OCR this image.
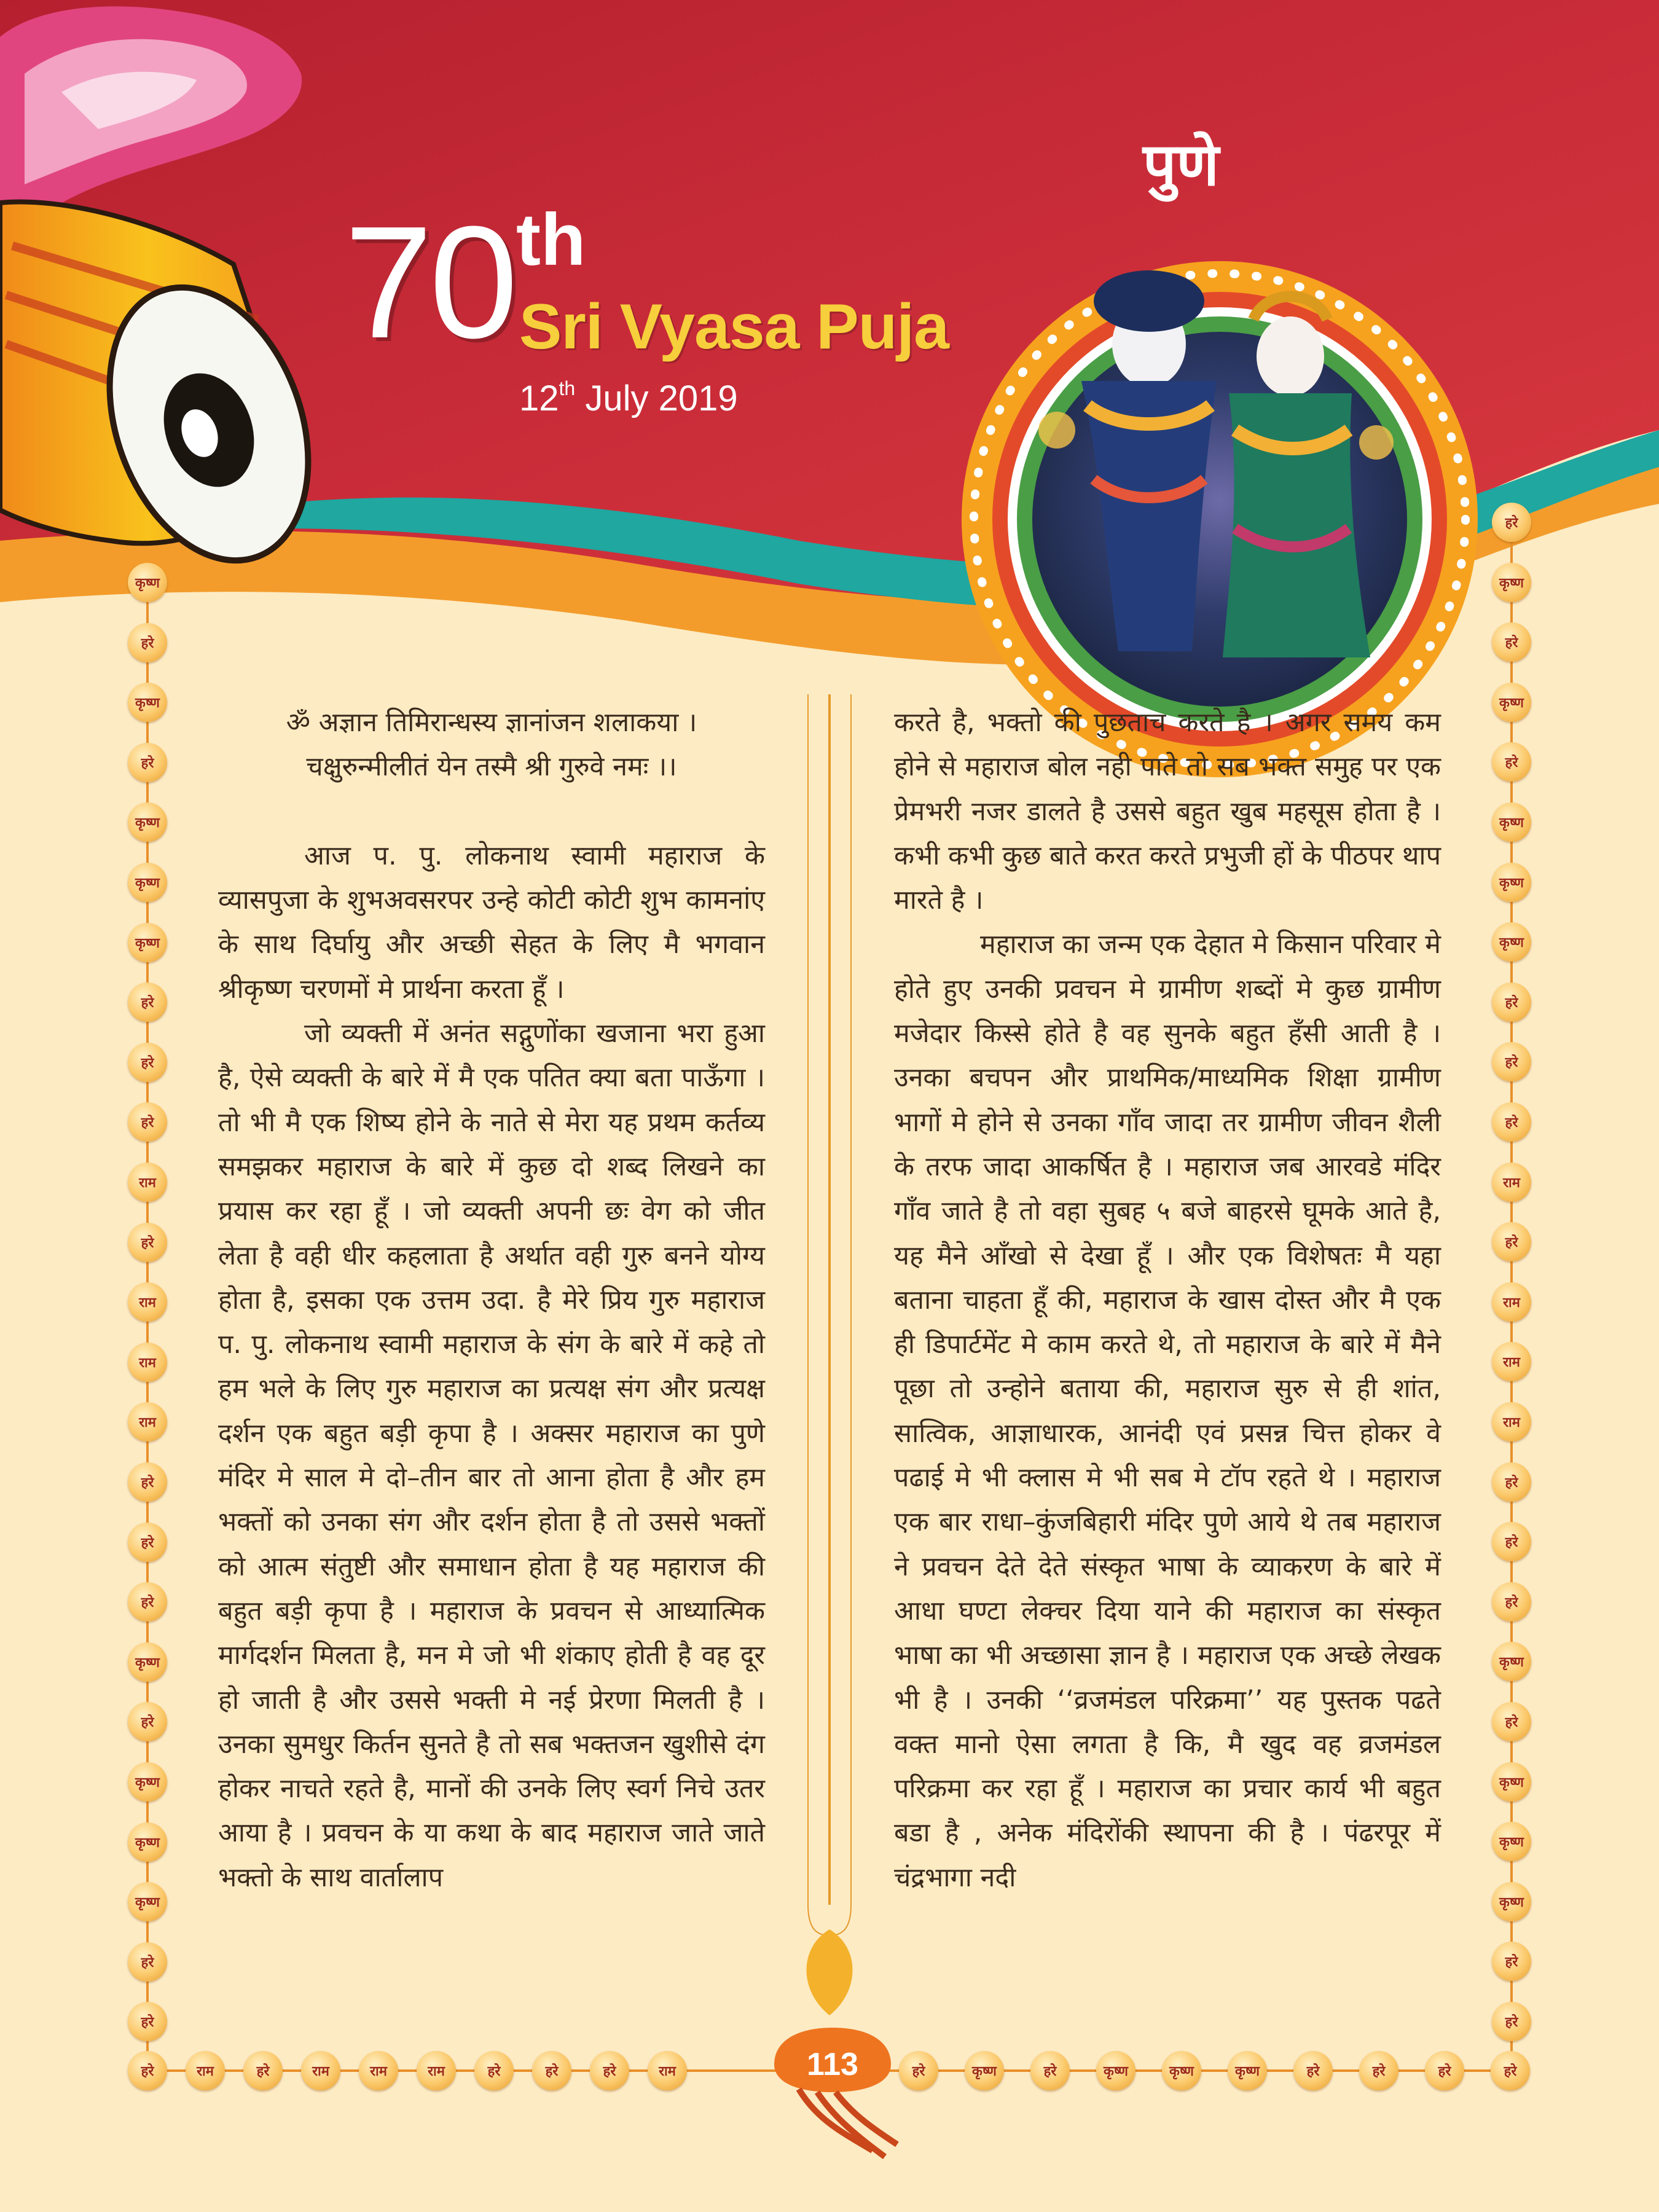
70 th
Sri Vyasa Puja
12th July 2019
पुणे

ॐ अज्ञान तिमिरान्धस्य ज्ञानांजन शलाकया ।

चक्षुरुन्मीलीतं येन तस्मै श्री गुरुवे नमः ।।

आज प. पु. लोकनाथ स्वामी महाराज के व्यासपुजा के शुभअवसरपर उन्हे कोटी कोटी शुभ कामनांए के साथ दिर्घायु और अच्छी सेहत के लिए मै भगवान श्रीकृष्ण चरणमों मे प्रार्थना करता हूँ ।

जो व्यक्ती में अनंत सद्गुणोंका खजाना भरा हुआ है, ऐसे व्यक्ती के बारे में मै एक पतित क्या बता पाऊँगा । तो भी मै एक शिष्य होने के नाते से मेरा यह प्रथम कर्तव्य समझकर महाराज के बारे में कुछ दो शब्द लिखने का प्रयास कर रहा हूँ । जो व्यक्ती अपनी छः वेग को जीत लेता है वही धीर कहलाता है अर्थात वही गुरु बनने योग्य होता है, इसका एक उत्तम उदा. है मेरे प्रिय गुरु महाराज प. पु. लोकनाथ स्वामी महाराज के संग के बारे में कहे तो हम भले के लिए गुरु महाराज का प्रत्यक्ष संग और प्रत्यक्ष दर्शन एक बहुत बड़ी कृपा है । अक्सर महाराज का पुणे मंदिर मे साल मे दो–तीन बार तो आना होता है और हम भक्तों को उनका संग और दर्शन होता है तो उससे भक्तों को आत्म संतुष्टी और समाधान होता है यह महाराज की बहुत बड़ी कृपा है । महाराज के प्रवचन से आध्यात्मिक मार्गदर्शन मिलता है, मन मे जो भी शंकाए होती है वह दूर हो जाती है और उससे भक्ती मे नई प्रेरणा मिलती है । उनका सुमधुर किर्तन सुनते है तो सब भक्तजन खुशीसे दंग होकर नाचते रहते है, मानों की उनके लिए स्वर्ग निचे उतर आया है । प्रवचन के या कथा के बाद महाराज जाते जाते भक्तो के साथ वार्तालाप

करते है, भक्तो की पुछताच करते है । अगर समय कम होने से महाराज बोल नही पाते तो सब भक्त समुह पर एक प्रेमभरी नजर डालते है उससे बहुत खुब महसूस होता है । कभी कभी कुछ बाते करत करते प्रभुजी हों के पीठपर थाप मारते है ।

महाराज का जन्म एक देहात मे किसान परिवार मे होते हुए उनकी प्रवचन मे ग्रामीण शब्दों मे कुछ ग्रामीण मजेदार किस्से होते है वह सुनके बहुत हँसी आती है । उनका बचपन और प्राथमिक/माध्यमिक शिक्षा ग्रामीण भागों मे होने से उनका गाँव जादा तर ग्रामीण जीवन शैली के तरफ जादा आकर्षित है । महाराज जब आरवडे मंदिर गाँव जाते है तो वहा सुबह ५ बजे बाहरसे घूमके आते है, यह मैने आँखो से देखा हूँ । और एक विशेषतः मै यहा बताना चाहता हूँ की, महाराज के खास दोस्त और मै एक ही डिपार्टमेंट मे काम करते थे, तो महाराज के बारे में मैने पूछा तो उन्होने बताया की, महाराज सुरु से ही शांत, सात्विक, आज्ञाधारक, आनंदी एवं प्रसन्न चित्त होकर वे पढाई मे भी क्लास मे भी सब मे टॉप रहते थे । महाराज एक बार राधा–कुंजबिहारी मंदिर पुणे आये थे तब महाराज ने प्रवचन देते देते संस्कृत भाषा के व्याकरण के बारे में आधा घण्टा लेक्चर दिया याने की महाराज का संस्कृत भाषा का भी अच्छासा ज्ञान है । महाराज एक अच्छे लेखक भी है । उनकी ‘‘व्रजमंडल परिक्रमा’’ यह पुस्तक पढते वक्त मानो ऐसा लगता है कि, मै खुद वह व्रजमंडल परिक्रमा कर रहा हूँ । महाराज का प्रचार कार्य भी बहुत बडा है , अनेक मंदिरोंकी स्थापना की है । पंढरपूर में चंद्रभागा नदी

113
कृष्ण
हरे
कृष्ण
हरे
कृष्ण
कृष्ण
कृष्ण
हरे
हरे
हरे
राम
हरे
राम
राम
राम
हरे
हरे
हरे
कृष्ण
हरे
कृष्ण
कृष्ण
कृष्ण
हरे
हरे
हरे
कृष्ण
हरे
कृष्ण
हरे
कृष्ण
कृष्ण
कृष्ण
हरे
हरे
हरे
राम
हरे
राम
राम
राम
हरे
हरे
हरे
कृष्ण
हरे
कृष्ण
कृष्ण
कृष्ण
हरे
हरे
हरे	राम	हरे	राम	राम	राम	हरे	हरे	हरे	राम	हरे	कृष्ण	हरे	कृष्ण	कृष्ण	कृष्ण	हरे	हरे	हरे	हरे
